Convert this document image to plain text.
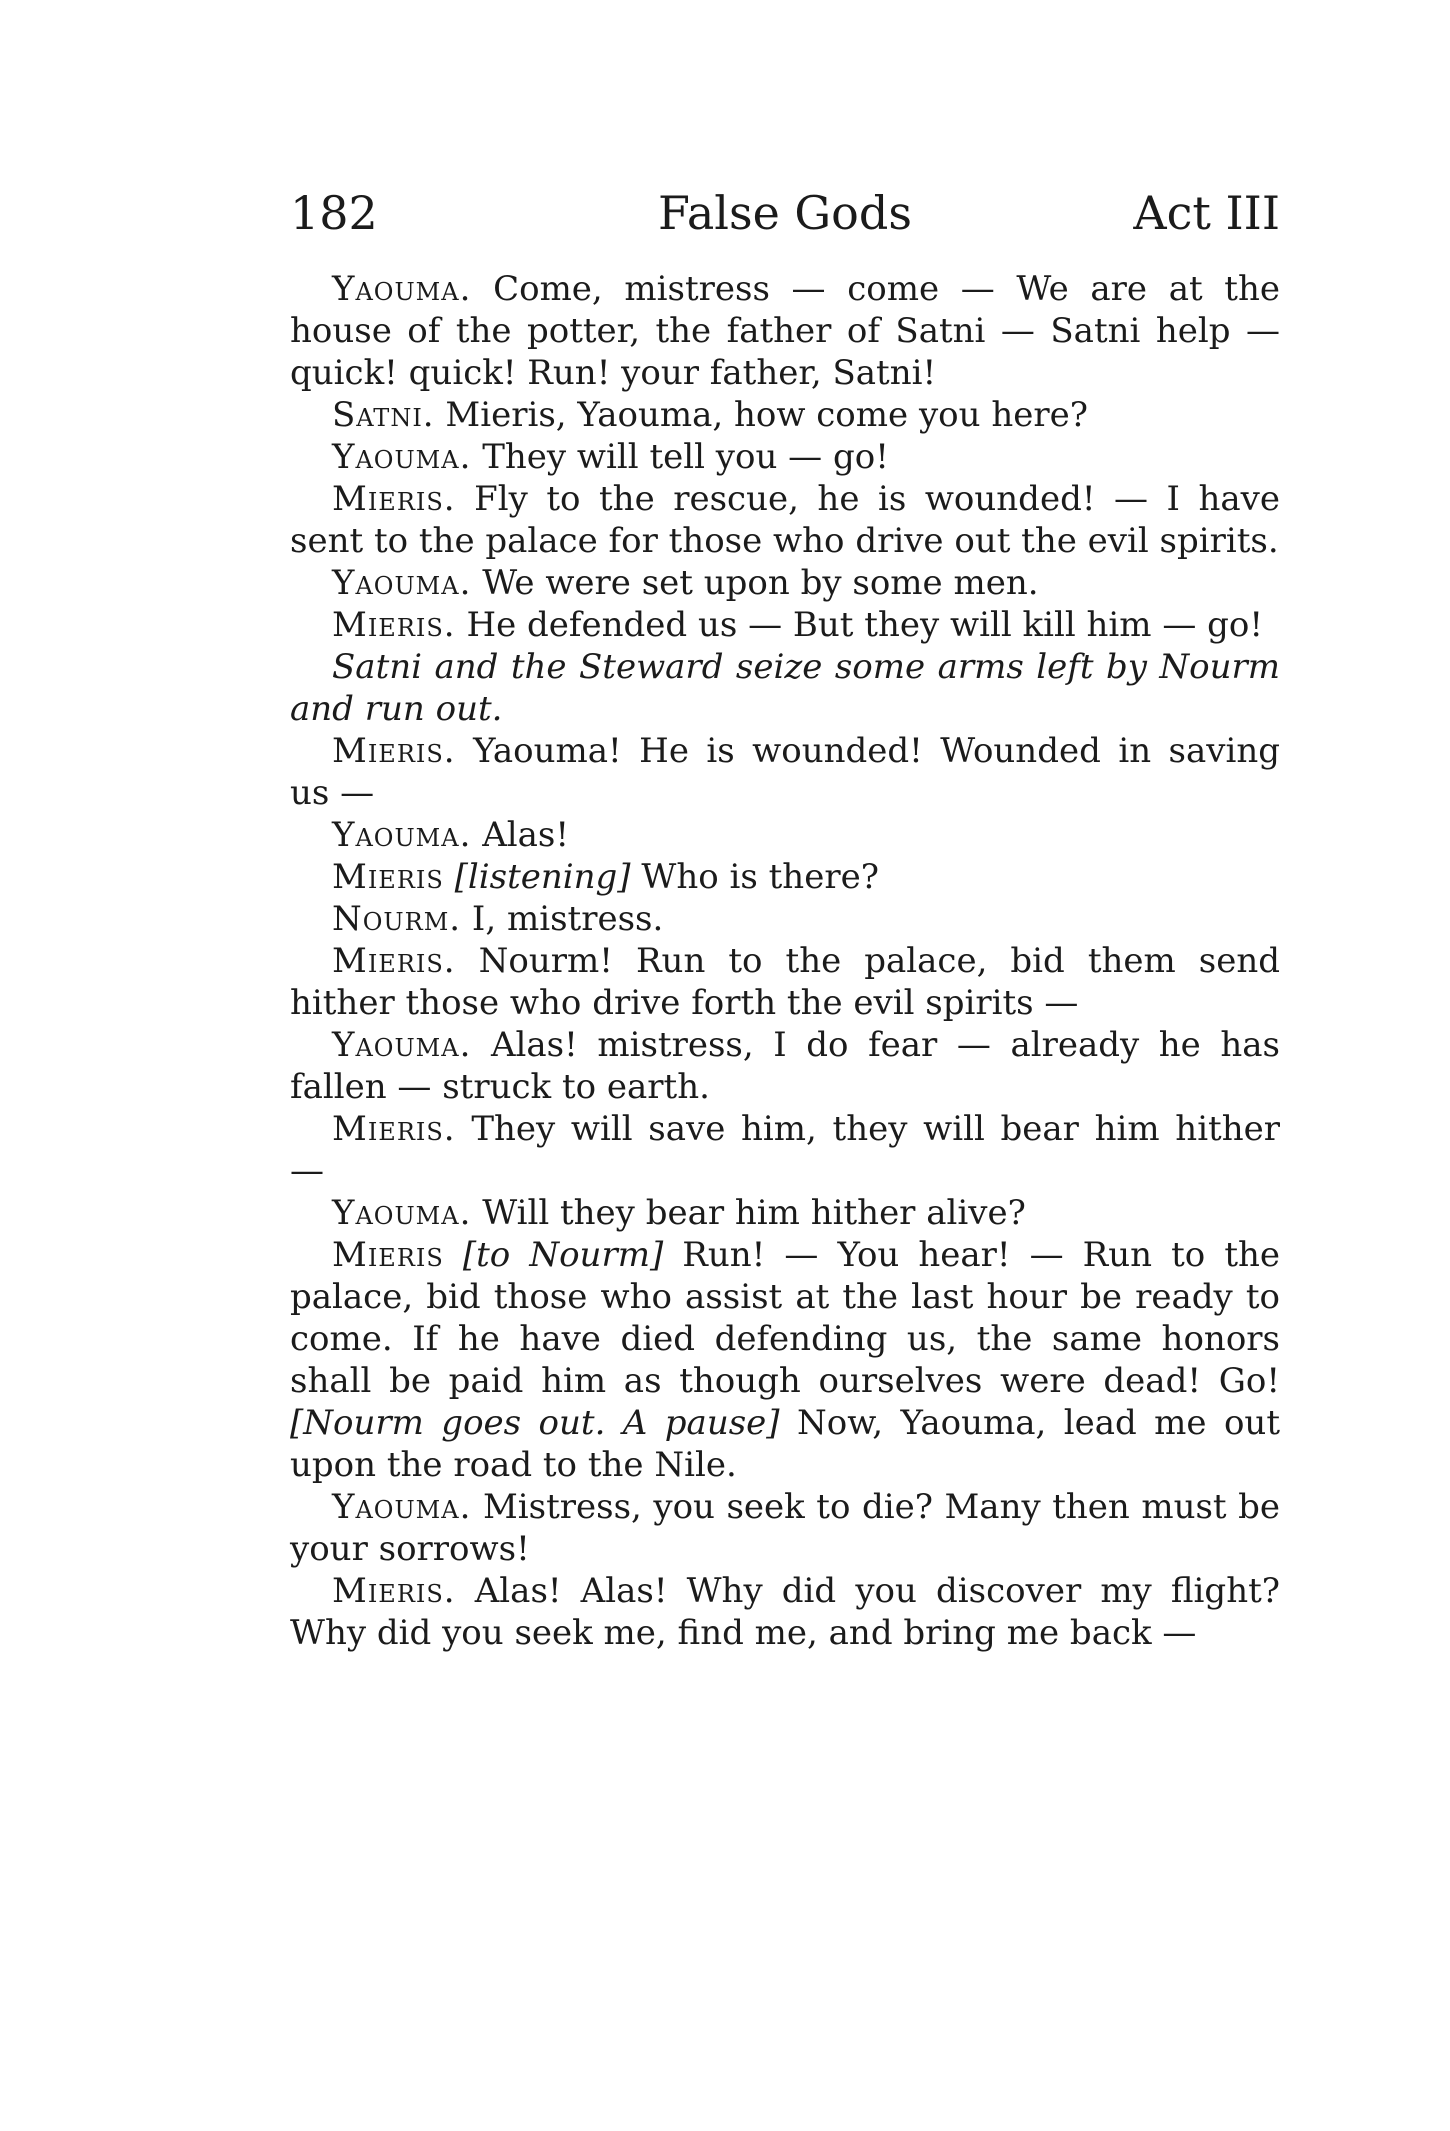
182	False Gods	Act III

Yaouma. Come, mistress — come — We are at the house of the potter, the father of Satni — Satni help — quick! quick! Run! your father, Satni!

Satni. Mieris, Yaouma, how come you here?

Yaouma. They will tell you — go!

Mieris. Fly to the rescue, he is wounded! — I have sent to the palace for those who drive out the evil spirits.

Yaouma. We were set upon by some men.

Mieris. He defended us — But they will kill him — go!

Satni and the Steward seize some arms left by Nourm and run out.

Mieris. Yaouma! He is wounded! Wounded in saving us —

Yaouma. Alas!

Mieris [listening] Who is there?

Nourm. I, mistress.

Mieris. Nourm! Run to the palace, bid them send hither those who drive forth the evil spirits —

Yaouma. Alas! mistress, I do fear — already he has fallen — struck to earth.

Mieris. They will save him, they will bear him hither —

Yaouma. Will they bear him hither alive?

Mieris [to Nourm] Run! — You hear! — Run to the palace, bid those who assist at the last hour be ready to come. If he have died defending us, the same honors shall be paid him as though ourselves were dead! Go! [Nourm goes out. A pause] Now, Yaouma, lead me out upon the road to the Nile.

Yaouma. Mistress, you seek to die? Many then must be your sorrows!

Mieris. Alas! Alas! Why did you discover my flight? Why did you seek me, find me, and bring me back —
